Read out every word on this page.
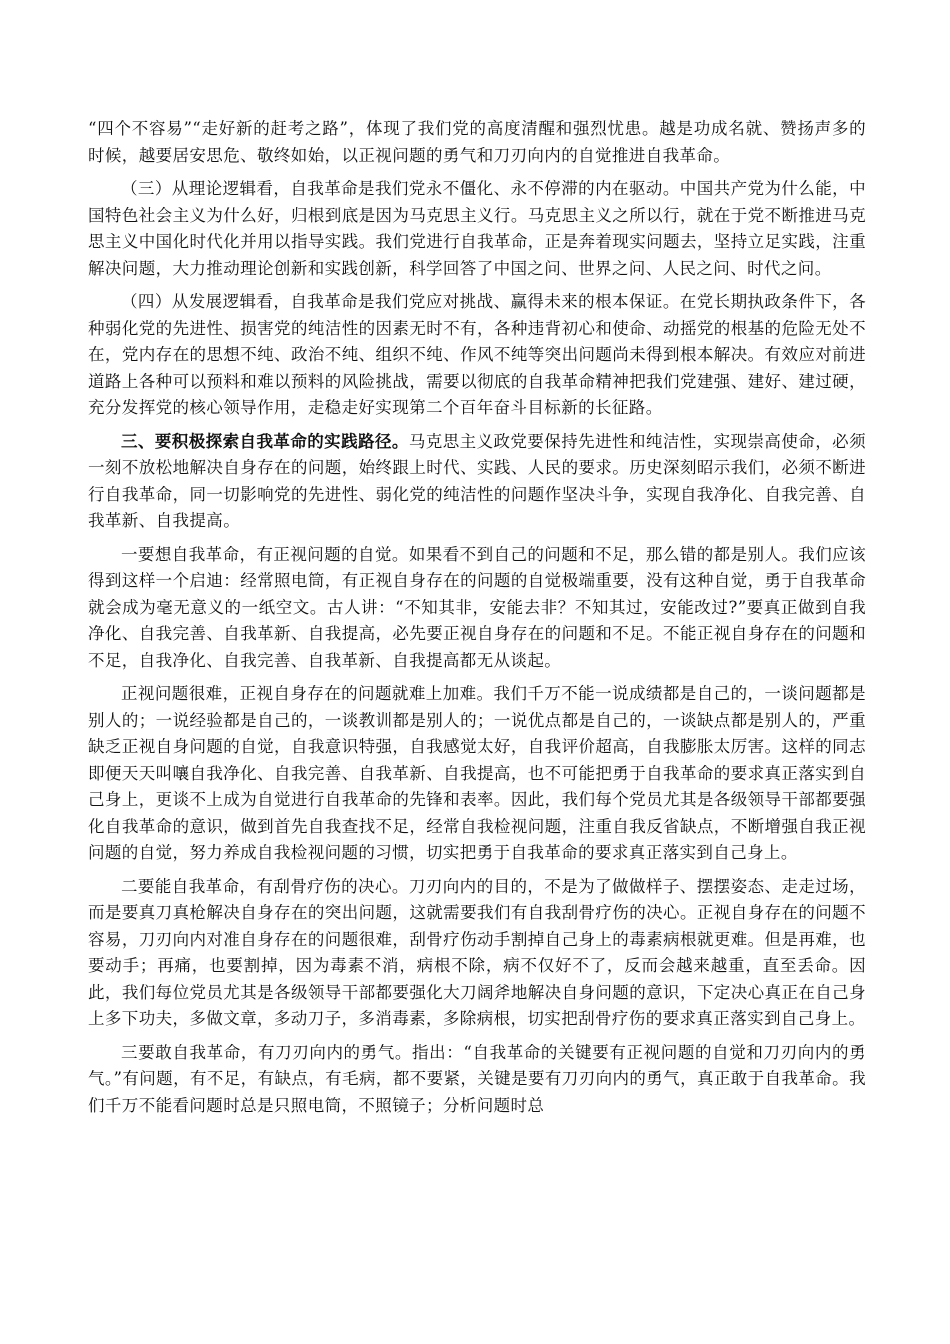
“四个不容易”“走好新的赶考之路”，体现了我们党的高度清醒和强烈忧患。越是功成名就、赞扬声多的时候，越要居安思危、敬终如始，以正视问题的勇气和刀刃向内的自觉推进自我革命。

（三）从理论逻辑看，自我革命是我们党永不僵化、永不停滞的内在驱动。中国共产党为什么能，中国特色社会主义为什么好，归根到底是因为马克思主义行。马克思主义之所以行，就在于党不断推进马克思主义中国化时代化并用以指导实践。我们党进行自我革命，正是奔着现实问题去，坚持立足实践，注重解决问题，大力推动理论创新和实践创新，科学回答了中国之问、世界之问、人民之问、时代之问。

（四）从发展逻辑看，自我革命是我们党应对挑战、赢得未来的根本保证。在党长期执政条件下，各种弱化党的先进性、损害党的纯洁性的因素无时不有，各种违背初心和使命、动摇党的根基的危险无处不在，党内存在的思想不纯、政治不纯、组织不纯、作风不纯等突出问题尚未得到根本解决。有效应对前进道路上各种可以预料和难以预料的风险挑战，需要以彻底的自我革命精神把我们党建强、建好、建过硬，充分发挥党的核心领导作用，走稳走好实现第二个百年奋斗目标新的长征路。

三、要积极探索自我革命的实践路径。马克思主义政党要保持先进性和纯洁性，实现崇高使命，必须一刻不放松地解决自身存在的问题，始终跟上时代、实践、人民的要求。历史深刻昭示我们，必须不断进行自我革命，同一切影响党的先进性、弱化党的纯洁性的问题作坚决斗争，实现自我净化、自我完善、自我革新、自我提高。

一要想自我革命，有正视问题的自觉。如果看不到自己的问题和不足，那么错的都是别人。我们应该得到这样一个启迪：经常照电筒，有正视自身存在的问题的自觉极端重要，没有这种自觉，勇于自我革命就会成为毫无意义的一纸空文。古人讲：“不知其非，安能去非？不知其过，安能改过?”要真正做到自我净化、自我完善、自我革新、自我提高，必先要正视自身存在的问题和不足。不能正视自身存在的问题和不足，自我净化、自我完善、自我革新、自我提高都无从谈起。

正视问题很难，正视自身存在的问题就难上加难。我们千万不能一说成绩都是自己的，一谈问题都是别人的；一说经验都是自己的，一谈教训都是别人的；一说优点都是自己的，一谈缺点都是别人的，严重缺乏正视自身问题的自觉，自我意识特强，自我感觉太好，自我评价超高，自我膨胀太厉害。这样的同志即便天天叫嚷自我净化、自我完善、自我革新、自我提高，也不可能把勇于自我革命的要求真正落实到自己身上，更谈不上成为自觉进行自我革命的先锋和表率。因此，我们每个党员尤其是各级领导干部都要强化自我革命的意识，做到首先自我查找不足，经常自我检视问题，注重自我反省缺点，不断增强自我正视问题的自觉，努力养成自我检视问题的习惯，切实把勇于自我革命的要求真正落实到自己身上。

二要能自我革命，有刮骨疗伤的决心。刀刃向内的目的，不是为了做做样子、摆摆姿态、走走过场，而是要真刀真枪解决自身存在的突出问题，这就需要我们有自我刮骨疗伤的决心。正视自身存在的问题不容易，刀刃向内对准自身存在的问题很难，刮骨疗伤动手割掉自己身上的毒素病根就更难。但是再难，也要动手；再痛，也要割掉，因为毒素不消，病根不除，病不仅好不了，反而会越来越重，直至丢命。因此，我们每位党员尤其是各级领导干部都要强化大刀阔斧地解决自身问题的意识，下定决心真正在自己身上多下功夫，多做文章，多动刀子，多消毒素，多除病根，切实把刮骨疗伤的要求真正落实到自己身上。

三要敢自我革命，有刀刃向内的勇气。指出：“自我革命的关键要有正视问题的自觉和刀刃向内的勇气。”有问题，有不足，有缺点，有毛病，都不要紧，关键是要有刀刃向内的勇气，真正敢于自我革命。我们千万不能看问题时总是只照电筒，不照镜子；分析问题时总
